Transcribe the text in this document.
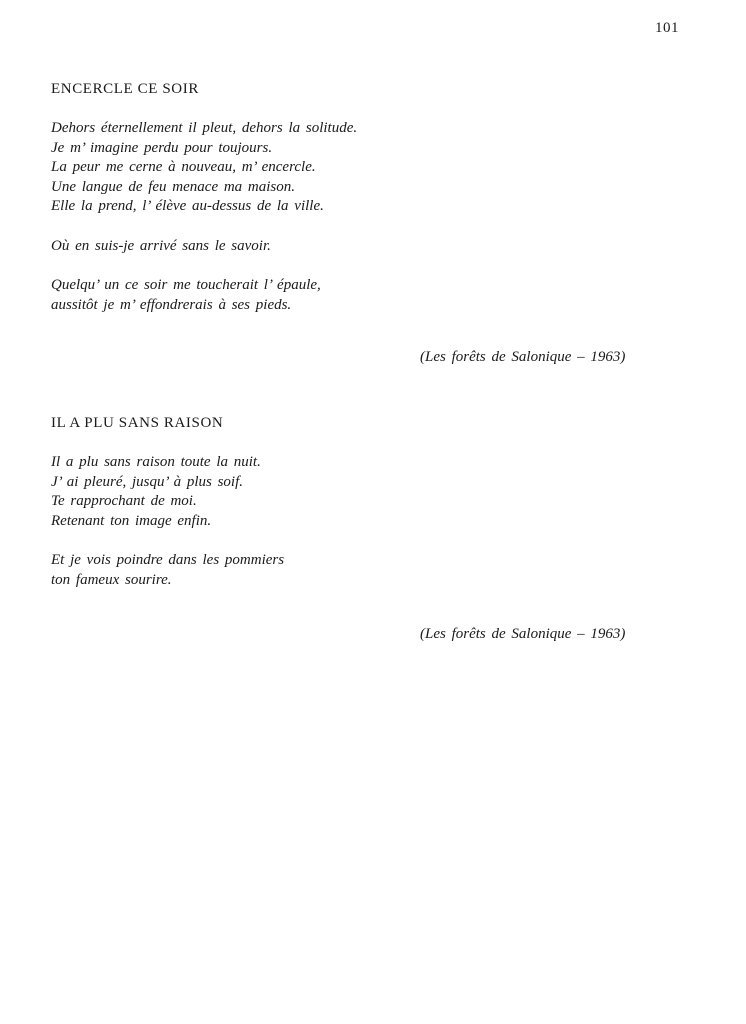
101
ENCERCLE CE SOIR

Dehors éternellement il pleut, dehors la solitude.
Je m’ imagine perdu pour toujours.
La peur me cerne à nouveau, m’ encercle.
Une langue de feu menace ma maison.
Elle la prend, l’ élève au-dessus de la ville.

Où en suis-je arrivé sans le savoir.

Quelqu’ un ce soir me toucherait l’ épaule,
aussitôt je m’ effondrerais à ses pieds.

(Les forêts de Salonique – 1963)
IL A PLU SANS RAISON

Il a plu sans raison toute la nuit.
J’ ai pleuré, jusqu’ à plus soif.
Te rapprochant de moi.
Retenant ton image enfin.

Et je vois poindre dans les pommiers
ton fameux sourire.

(Les forêts de Salonique – 1963)
